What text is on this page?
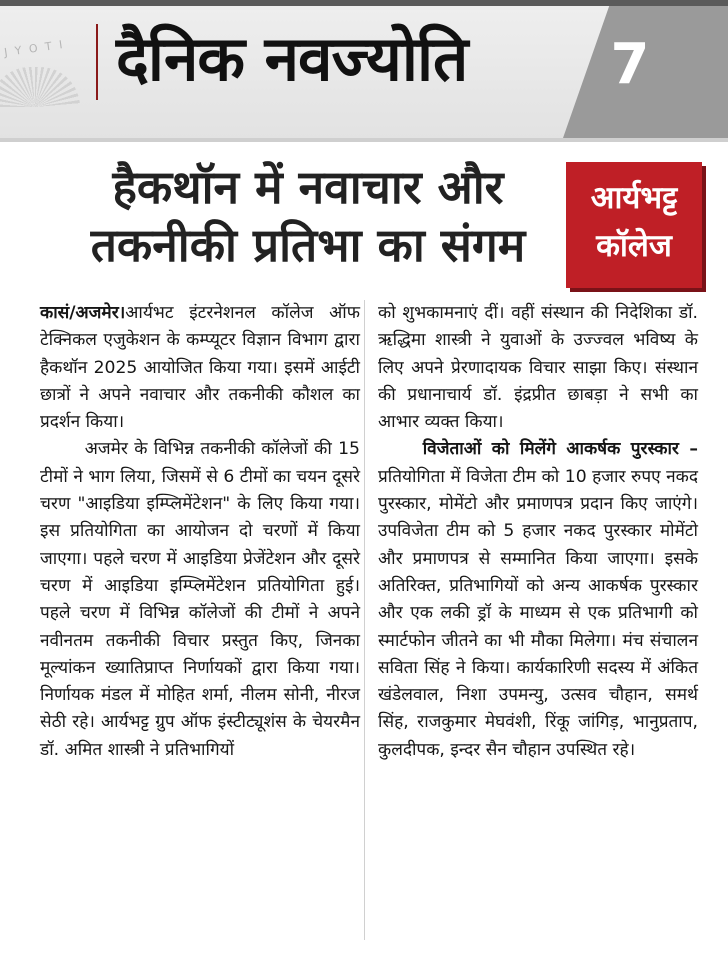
J Y O T I दैनिक नवज्योति	7
हैकथॉन में नवाचार और
तकनीकी प्रतिभा का संगम
आर्यभट्ट
कॉलेज

कासं/अजमेर।आर्यभट इंटरनेशनल कॉलेज ऑफ टेक्निकल एजुकेशन के कम्प्यूटर विज्ञान विभाग द्वारा हैकथॉन 2025 आयोजित किया गया। इसमें आईटी छात्रों ने अपने नवाचार और तकनीकी कौशल का प्रदर्शन किया।

अजमेर के विभिन्न तकनीकी कॉलेजों की 15 टीमों ने भाग लिया, जिसमें से 6 टीमों का चयन दूसरे चरण "आइडिया इम्प्लिमेंटेशन" के लिए किया गया। इस प्रतियोगिता का आयोजन दो चरणों में किया जाएगा। पहले चरण में आइडिया प्रेजेंटेशन और दूसरे चरण में आइडिया इम्प्लिमेंटेशन प्रतियोगिता हुई। पहले चरण में विभिन्न कॉलेजों की टीमों ने अपने नवीनतम तकनीकी विचार प्रस्तुत किए, जिनका मूल्यांकन ख्यातिप्राप्त निर्णायकों द्वारा किया गया। निर्णायक मंडल में मोहित शर्मा, नीलम सोनी, नीरज सेठी रहे। आर्यभट्ट ग्रुप ऑफ इंस्टीट्यूशंस के चेयरमैन डॉ. अमित शास्त्री ने प्रतिभागियों

को शुभकामनाएं दीं। वहीं संस्थान की निदेशिका डॉ. ऋद्धिमा शास्त्री ने युवाओं के उज्ज्वल भविष्य के लिए अपने प्रेरणादायक विचार साझा किए। संस्थान की प्रधानाचार्य डॉ. इंद्रप्रीत छाबड़ा ने सभी का आभार व्यक्त किया।

विजेताओं को मिलेंगे आकर्षक पुरस्कार – प्रतियोगिता में विजेता टीम को 10 हजार रुपए नकद पुरस्कार, मोमेंटो और प्रमाणपत्र प्रदान किए जाएंगे। उपविजेता टीम को 5 हजार नकद पुरस्कार मोमेंटो और प्रमाणपत्र से सम्मानित किया जाएगा। इसके अतिरिक्त, प्रतिभागियों को अन्य आकर्षक पुरस्कार और एक लकी ड्रॉ के माध्यम से एक प्रतिभागी को स्मार्टफोन जीतने का भी मौका मिलेगा। मंच संचालन सविता सिंह ने किया। कार्यकारिणी सदस्य में अंकित खंडेलवाल, निशा उपमन्यु, उत्सव चौहान, समर्थ सिंह, राजकुमार मेघवंशी, रिंकू जांगिड़, भानुप्रताप, कुलदीपक, इन्दर सैन चौहान उपस्थित रहे।
